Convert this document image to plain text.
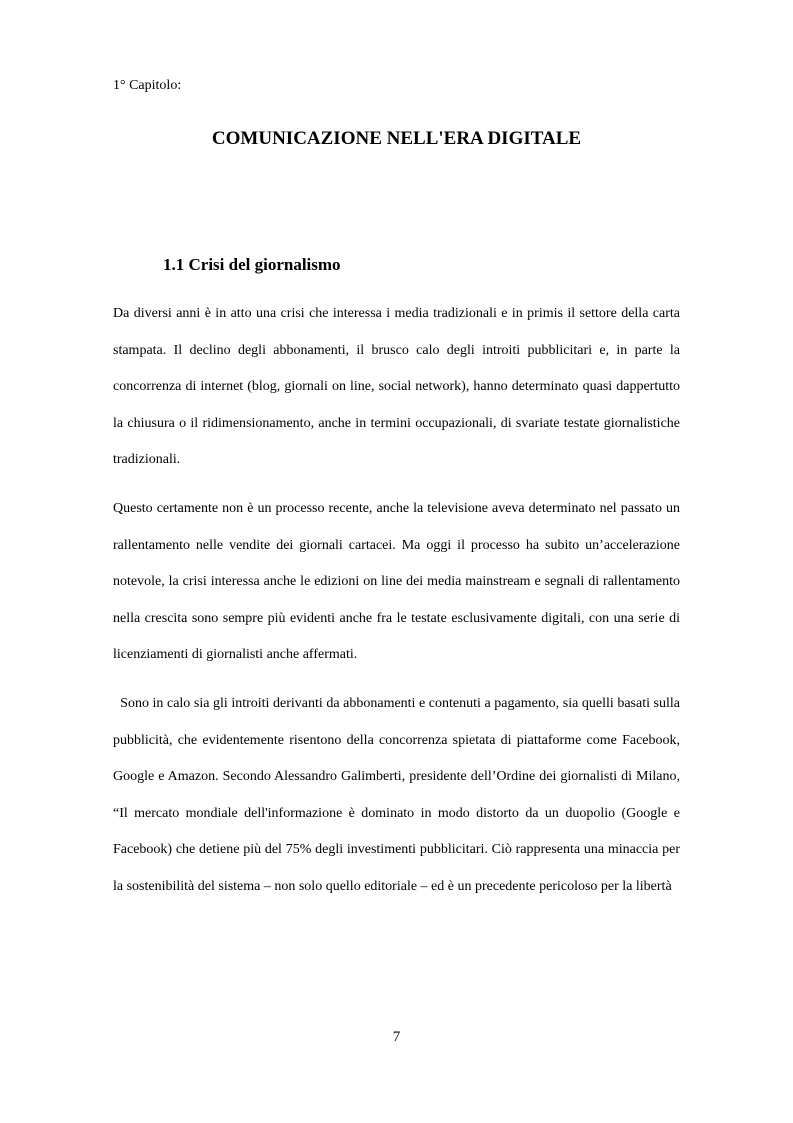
1° Capitolo:
COMUNICAZIONE NELL'ERA DIGITALE
1.1 Crisi del giornalismo

Da diversi anni è in atto una crisi che interessa i media tradizionali e in primis il settore della carta stampata. Il declino degli abbonamenti, il brusco calo degli introiti pubblicitari e, in parte la concorrenza di internet (blog, giornali on line, social network), hanno determinato quasi dappertutto la chiusura o il ridimensionamento, anche in termini occupazionali, di svariate testate giornalistiche tradizionali.

Questo certamente non è un processo recente, anche la televisione aveva determinato nel passato un rallentamento nelle vendite dei giornali cartacei. Ma oggi il processo ha subito un’accelerazione notevole, la crisi interessa anche le edizioni on line dei media mainstream e segnali di rallentamento nella crescita sono sempre più evidenti anche fra le testate esclusivamente digitali, con una serie di licenziamenti di giornalisti anche affermati.

Sono in calo sia gli introiti derivanti da abbonamenti e contenuti a pagamento, sia quelli basati sulla pubblicità, che evidentemente risentono della concorrenza spietata di piattaforme come Facebook, Google e Amazon. Secondo Alessandro Galimberti, presidente dell’Ordine dei giornalisti di Milano, “Il mercato mondiale dell'informazione è dominato in modo distorto da un duopolio (Google e Facebook) che detiene più del 75% degli investimenti pubblicitari. Ciò rappresenta una minaccia per la sostenibilità del sistema – non solo quello editoriale – ed è un precedente pericoloso per la libertà

7
